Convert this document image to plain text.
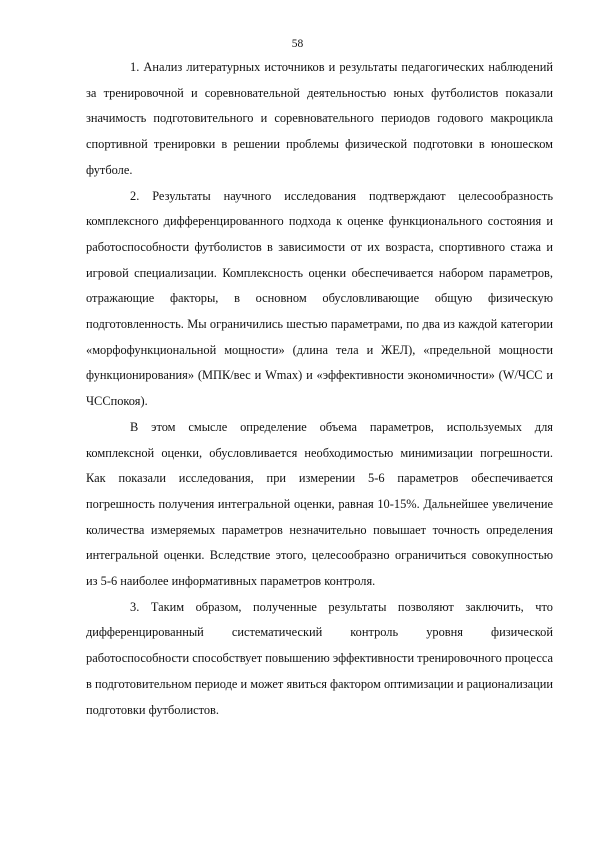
58

1. Анализ литературных источников и результаты педагогических наблюдений за тренировочной и соревновательной деятельностью юных футболистов показали значимость подготовительного и соревновательного периодов годового макроцикла спортивной тренировки в решении проблемы физической подготовки в юношеском футболе.

2. Результаты научного исследования подтверждают целесообразность комплексного дифференцированного подхода к оценке функционального состояния и работоспособности футболистов в зависимости от их возраста, спортивного стажа и игровой специализации. Комплексность оценки обеспечивается набором параметров, отражающие факторы, в основном обусловливающие общую физическую подготовленность. Мы ограничились шестью параметрами, по два из каждой категории «морфофункциональной мощности» (длина тела и ЖЕЛ), «предельной мощности функционирования» (МПК/вес и Wmax) и «эффективности экономичности» (W/ЧСС и ЧССпокоя).

В этом смысле определение объема параметров, используемых для комплексной оценки, обусловливается необходимостью минимизации погрешности. Как показали исследования, при измерении 5-6 параметров обеспечивается погрешность получения интегральной оценки, равная 10-15%. Дальнейшее увеличение количества измеряемых параметров незначительно повышает точность определения интегральной оценки. Вследствие этого, целесообразно ограничиться совокупностью из 5-6 наиболее информативных параметров контроля.

3. Таким образом, полученные результаты позволяют заключить, что дифференцированный систематический контроль уровня физической работоспособности способствует повышению эффективности тренировочного процесса в подготовительном периоде и может явиться фактором оптимизации и рационализации подготовки футболистов.
